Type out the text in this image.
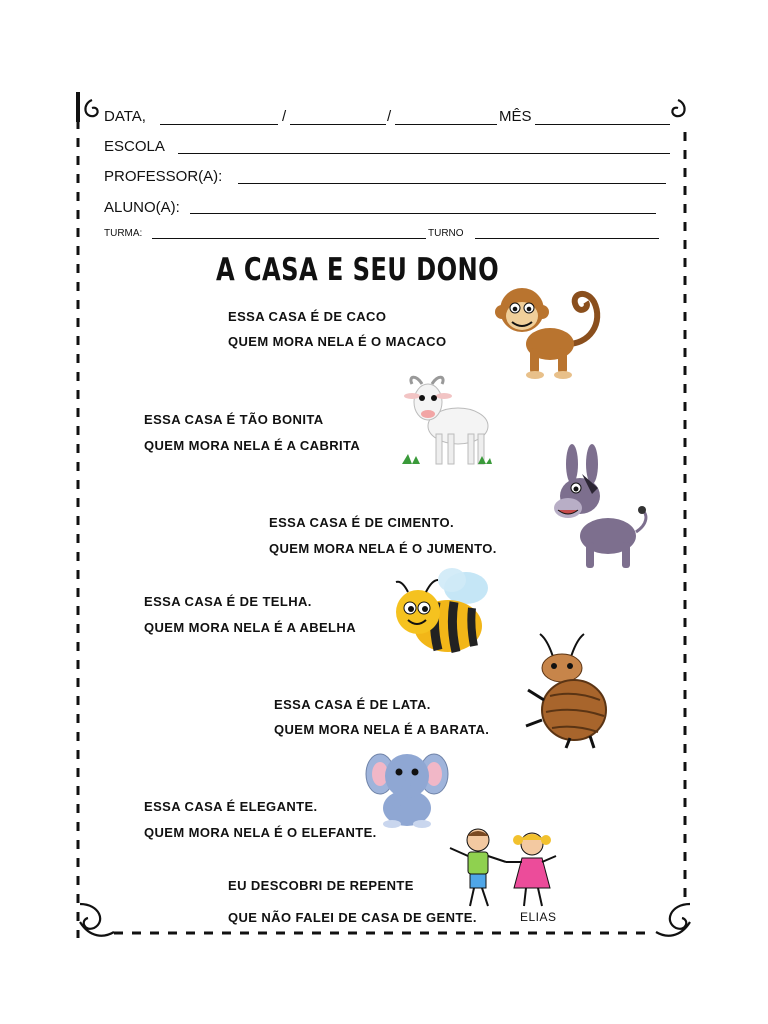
DATA,	/	/	MÊS
ESCOLA
PROFESSOR(A):
ALUNO(A):
TURMA:	TURNO
A CASA E SEU DONO
ESSA CASA É DE CACO
QUEM MORA NELA É O MACACO
ESSA CASA É TÃO BONITA
QUEM MORA NELA É A CABRITA
ESSA CASA É DE CIMENTO.
QUEM MORA NELA É O JUMENTO.
ESSA CASA É DE TELHA.
QUEM MORA NELA É A ABELHA
ESSA CASA É DE LATA.
QUEM MORA NELA É A BARATA.
ESSA CASA É ELEGANTE.
QUEM MORA NELA É O ELEFANTE.
EU DESCOBRI DE REPENTE
QUE NÃO FALEI DE CASA DE GENTE.	ELIAS
